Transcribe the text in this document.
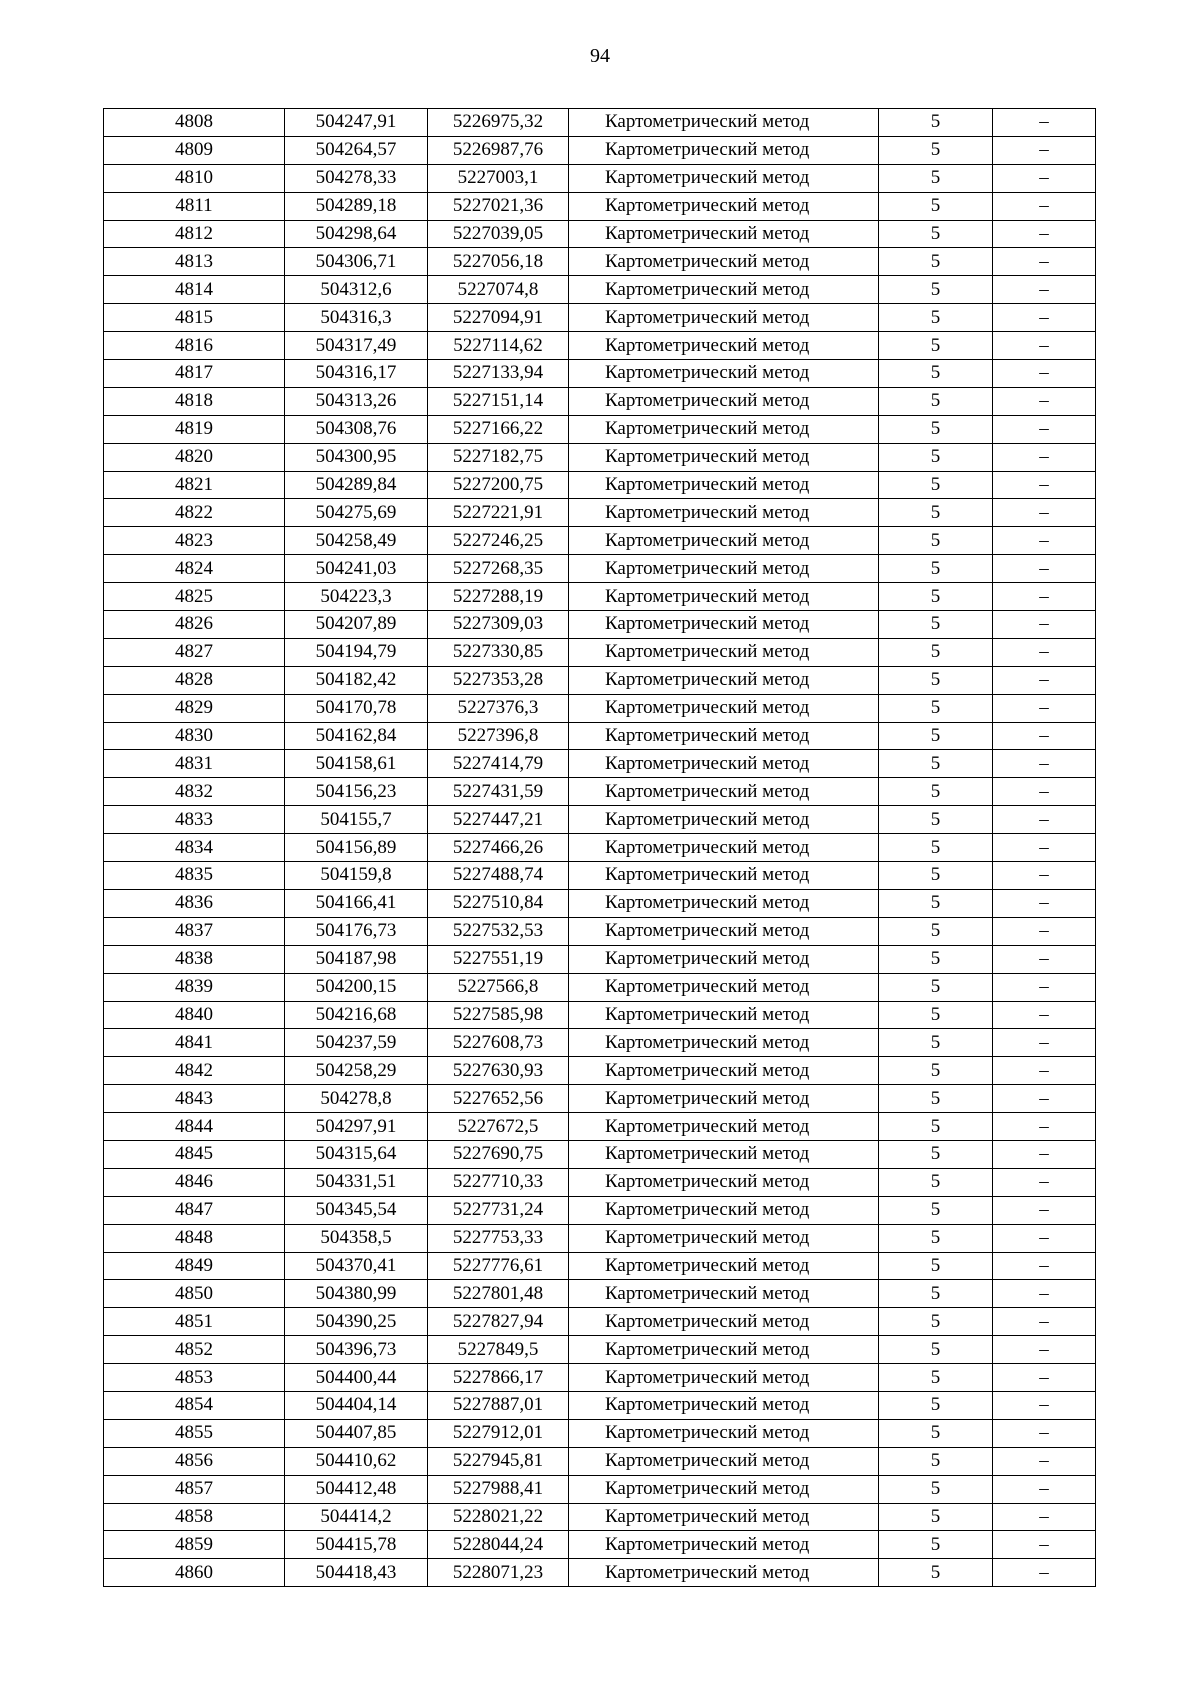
94
4808	504247,91	5226975,32	Картометрический метод	5	–
4809	504264,57	5226987,76	Картометрический метод	5	–
4810	504278,33	5227003,1	Картометрический метод	5	–
4811	504289,18	5227021,36	Картометрический метод	5	–
4812	504298,64	5227039,05	Картометрический метод	5	–
4813	504306,71	5227056,18	Картометрический метод	5	–
4814	504312,6	5227074,8	Картометрический метод	5	–
4815	504316,3	5227094,91	Картометрический метод	5	–
4816	504317,49	5227114,62	Картометрический метод	5	–
4817	504316,17	5227133,94	Картометрический метод	5	–
4818	504313,26	5227151,14	Картометрический метод	5	–
4819	504308,76	5227166,22	Картометрический метод	5	–
4820	504300,95	5227182,75	Картометрический метод	5	–
4821	504289,84	5227200,75	Картометрический метод	5	–
4822	504275,69	5227221,91	Картометрический метод	5	–
4823	504258,49	5227246,25	Картометрический метод	5	–
4824	504241,03	5227268,35	Картометрический метод	5	–
4825	504223,3	5227288,19	Картометрический метод	5	–
4826	504207,89	5227309,03	Картометрический метод	5	–
4827	504194,79	5227330,85	Картометрический метод	5	–
4828	504182,42	5227353,28	Картометрический метод	5	–
4829	504170,78	5227376,3	Картометрический метод	5	–
4830	504162,84	5227396,8	Картометрический метод	5	–
4831	504158,61	5227414,79	Картометрический метод	5	–
4832	504156,23	5227431,59	Картометрический метод	5	–
4833	504155,7	5227447,21	Картометрический метод	5	–
4834	504156,89	5227466,26	Картометрический метод	5	–
4835	504159,8	5227488,74	Картометрический метод	5	–
4836	504166,41	5227510,84	Картометрический метод	5	–
4837	504176,73	5227532,53	Картометрический метод	5	–
4838	504187,98	5227551,19	Картометрический метод	5	–
4839	504200,15	5227566,8	Картометрический метод	5	–
4840	504216,68	5227585,98	Картометрический метод	5	–
4841	504237,59	5227608,73	Картометрический метод	5	–
4842	504258,29	5227630,93	Картометрический метод	5	–
4843	504278,8	5227652,56	Картометрический метод	5	–
4844	504297,91	5227672,5	Картометрический метод	5	–
4845	504315,64	5227690,75	Картометрический метод	5	–
4846	504331,51	5227710,33	Картометрический метод	5	–
4847	504345,54	5227731,24	Картометрический метод	5	–
4848	504358,5	5227753,33	Картометрический метод	5	–
4849	504370,41	5227776,61	Картометрический метод	5	–
4850	504380,99	5227801,48	Картометрический метод	5	–
4851	504390,25	5227827,94	Картометрический метод	5	–
4852	504396,73	5227849,5	Картометрический метод	5	–
4853	504400,44	5227866,17	Картометрический метод	5	–
4854	504404,14	5227887,01	Картометрический метод	5	–
4855	504407,85	5227912,01	Картометрический метод	5	–
4856	504410,62	5227945,81	Картометрический метод	5	–
4857	504412,48	5227988,41	Картометрический метод	5	–
4858	504414,2	5228021,22	Картометрический метод	5	–
4859	504415,78	5228044,24	Картометрический метод	5	–
4860	504418,43	5228071,23	Картометрический метод	5	–
